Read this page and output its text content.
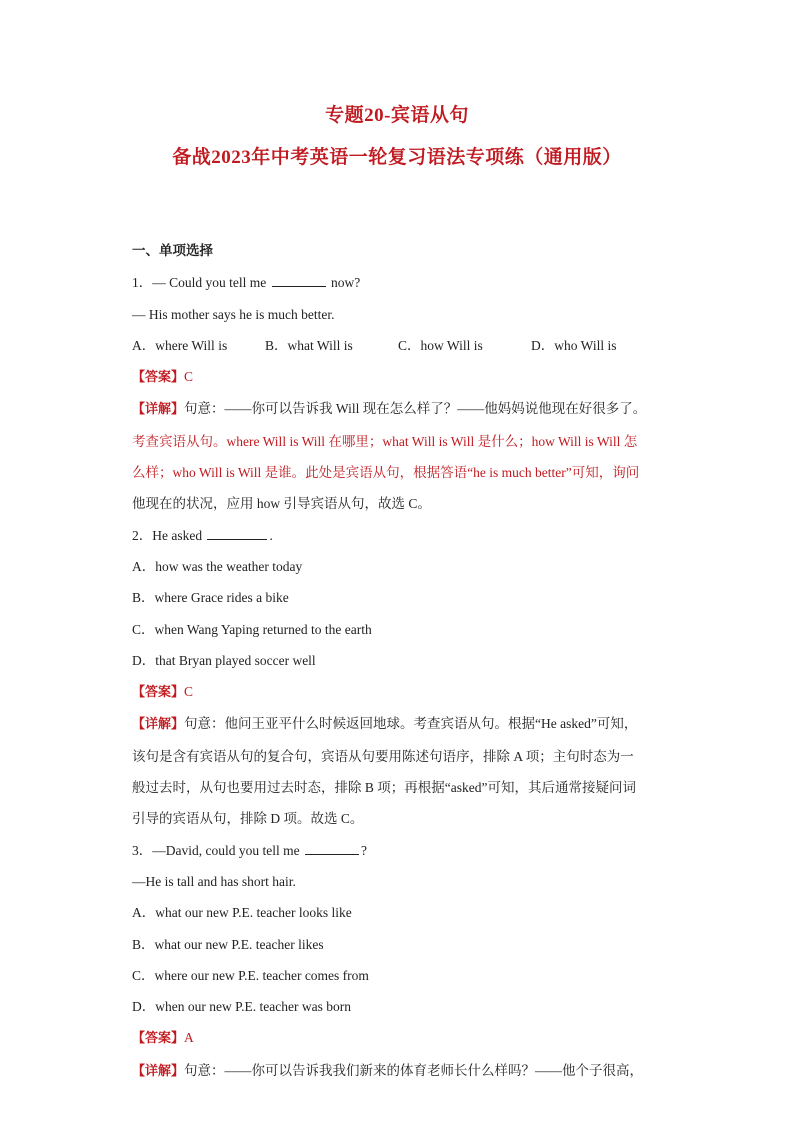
专题20-宾语从句
备战2023年中考英语一轮复习语法专项练（通用版）
一、单项选择
1．— Could you tell me	now?
— His mother says he is much better.
A．where Will is	B．what Will is	C．how Will is	D．who Will is
【答案】C
【详解】句意：——你可以告诉我 Will 现在怎么样了？——他妈妈说他现在好很多了。
考查宾语从句。where Will is Will 在哪里；what Will is Will 是什么；how Will is Will 怎
么样；who Will is Will 是谁。此处是宾语从句，根据答语“he is much better”可知，询问
他现在的状况，应用 how 引导宾语从句，故选 C。
2．He asked	.
A．how was the weather today
B．where Grace rides a bike
C．when Wang Yaping returned to the earth
D．that Bryan played soccer well
【答案】C
【详解】句意：他问王亚平什么时候返回地球。考查宾语从句。根据“He asked”可知，
该句是含有宾语从句的复合句，宾语从句要用陈述句语序，排除 A 项；主句时态为一
般过去时，从句也要用过去时态，排除 B 项；再根据“asked”可知，其后通常接疑问词
引导的宾语从句，排除 D 项。故选 C。
3．—David, could you tell me	?
—He is tall and has short hair.
A．what our new P.E. teacher looks like
B．what our new P.E. teacher likes
C．where our new P.E. teacher comes from
D．when our new P.E. teacher was born
【答案】A
【详解】句意：——你可以告诉我我们新来的体育老师长什么样吗？——他个子很高，
